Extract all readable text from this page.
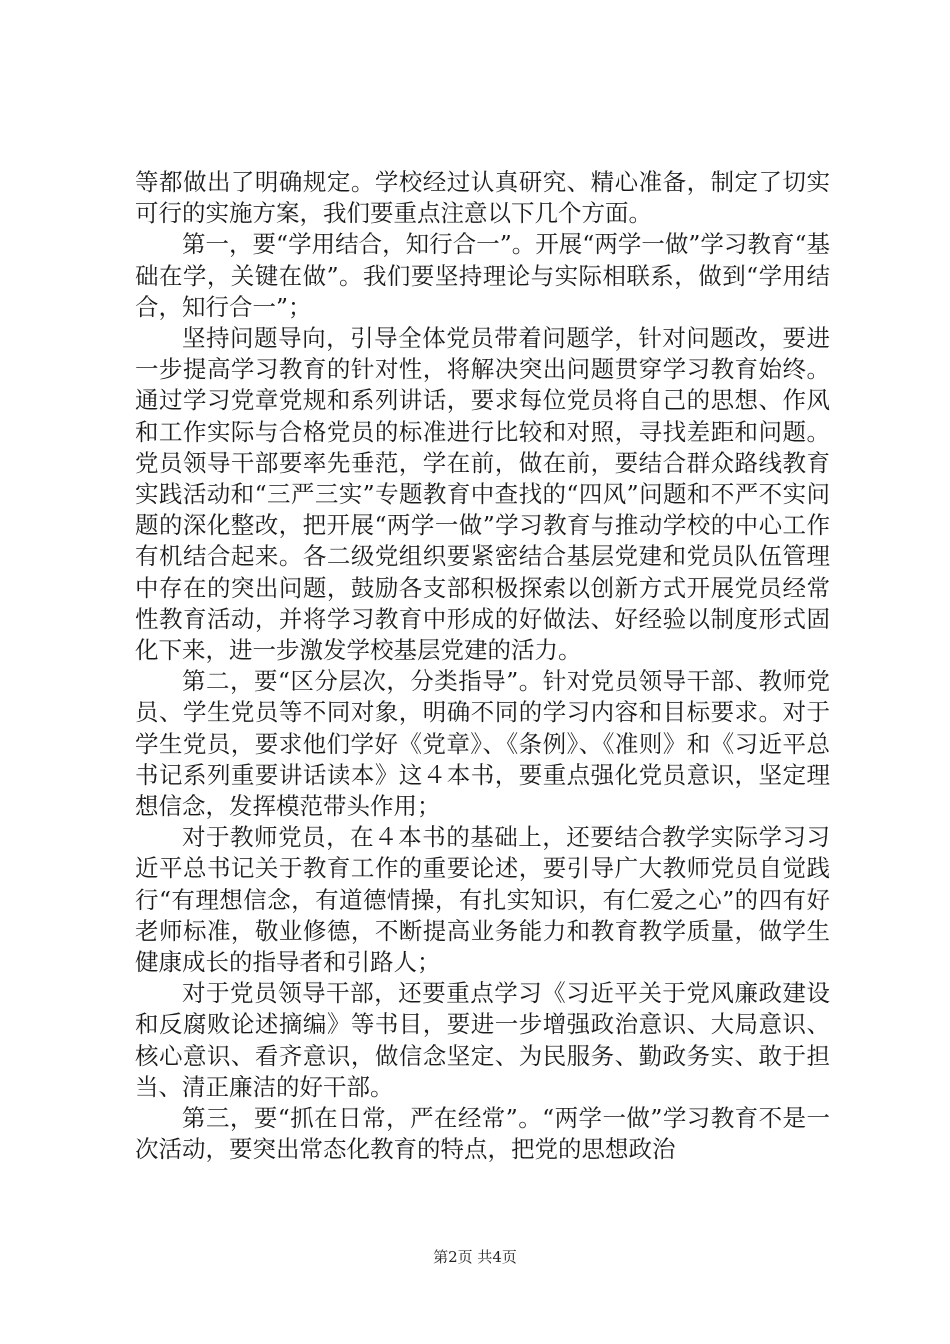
等都做出了明确规定。学校经过认真研究、精心准备，制定了切实可行的实施方案，我们要重点注意以下几个方面。

第一，要“学用结合，知行合一”。开展“两学一做”学习教育“基础在学，关键在做”。我们要坚持理论与实际相联系，做到“学用结合，知行合一”；

坚持问题导向，引导全体党员带着问题学，针对问题改，要进一步提高学习教育的针对性，将解决突出问题贯穿学习教育始终。通过学习党章党规和系列讲话，要求每位党员将自己的思想、作风和工作实际与合格党员的标准进行比较和对照，寻找差距和问题。党员领导干部要率先垂范，学在前，做在前，要结合群众路线教育实践活动和“三严三实”专题教育中查找的“四风”问题和不严不实问题的深化整改，把开展“两学一做”学习教育与推动学校的中心工作有机结合起来。各二级党组织要紧密结合基层党建和党员队伍管理中存在的突出问题，鼓励各支部积极探索以创新方式开展党员经常性教育活动，并将学习教育中形成的好做法、好经验以制度形式固化下来，进一步激发学校基层党建的活力。

第二，要“区分层次，分类指导”。针对党员领导干部、教师党员、学生党员等不同对象，明确不同的学习内容和目标要求。对于学生党员，要求他们学好《党章》、《条例》、《准则》和《习近平总书记系列重要讲话读本》这４本书，要重点强化党员意识，坚定理想信念，发挥模范带头作用；

对于教师党员，在４本书的基础上，还要结合教学实际学习习近平总书记关于教育工作的重要论述，要引导广大教师党员自觉践行“有理想信念，有道德情操，有扎实知识，有仁爱之心”的四有好老师标准，敬业修德，不断提高业务能力和教育教学质量，做学生健康成长的指导者和引路人；

对于党员领导干部，还要重点学习《习近平关于党风廉政建设和反腐败论述摘编》等书目，要进一步增强政治意识、大局意识、核心意识、看齐意识，做信念坚定、为民服务、勤政务实、敢于担当、清正廉洁的好干部。

第三，要“抓在日常，严在经常”。“两学一做”学习教育不是一次活动，要突出常态化教育的特点，把党的思想政治

第2页 共4页
